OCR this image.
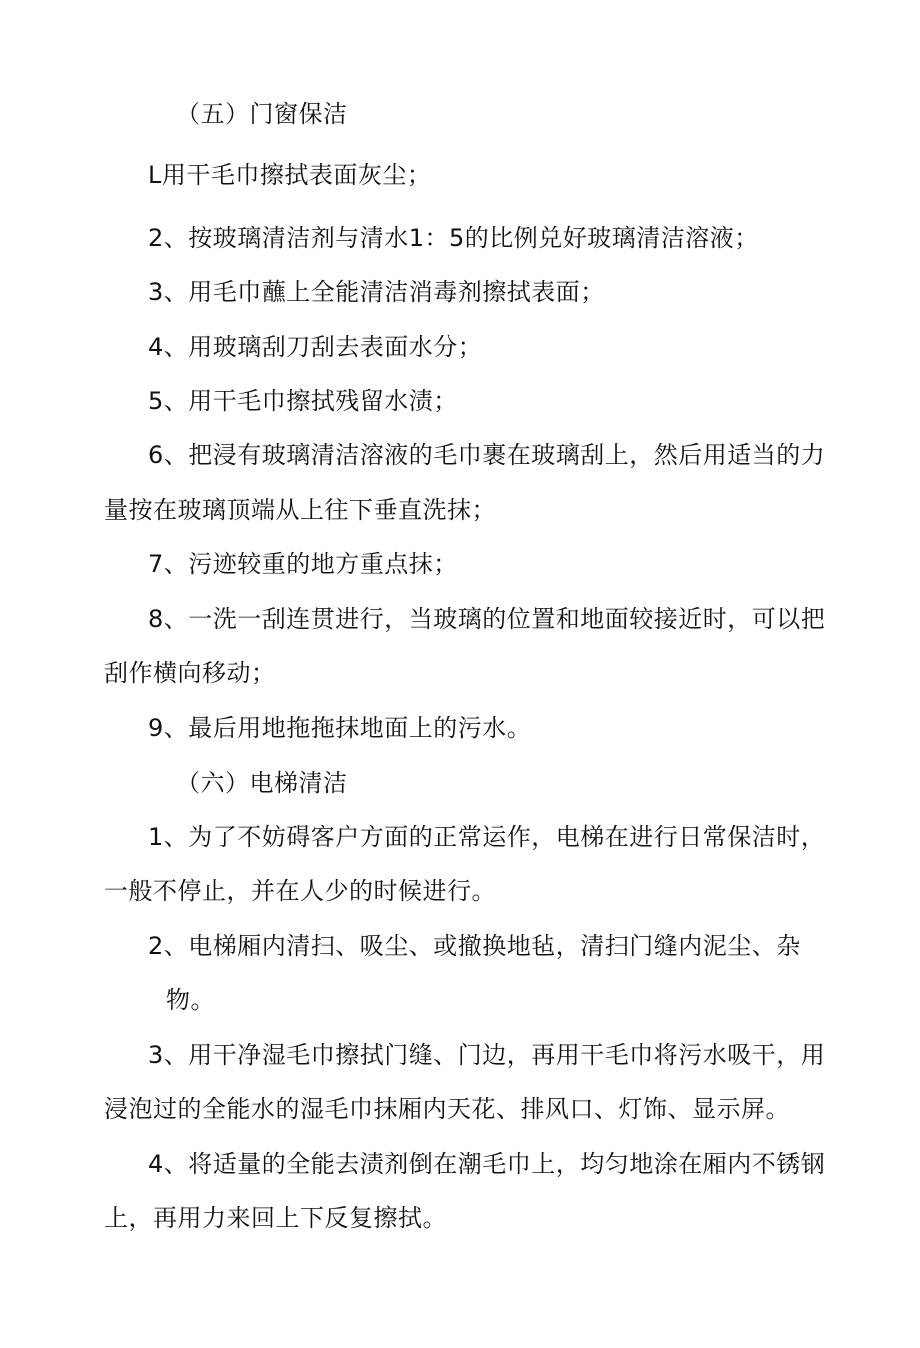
（五）门窗保洁
L用干毛巾擦拭表面灰尘；
2、按玻璃清洁剂与清水1：5的比例兑好玻璃清洁溶液；
3、用毛巾蘸上全能清洁消毒剂擦拭表面；
4、用玻璃刮刀刮去表面水分；
5、用干毛巾擦拭残留水渍；
6、把浸有玻璃清洁溶液的毛巾裹在玻璃刮上，然后用适当的力
量按在玻璃顶端从上往下垂直洗抹；
7、污迹较重的地方重点抹；
8、一洗一刮连贯进行，当玻璃的位置和地面较接近时，可以把
刮作横向移动；
9、最后用地拖拖抹地面上的污水。
（六）电梯清洁
1、为了不妨碍客户方面的正常运作，电梯在进行日常保洁时，
一般不停止，并在人少的时候进行。
2、电梯厢内清扫、吸尘、或撤换地毡，清扫门缝内泥尘、杂
物。
3、用干净湿毛巾擦拭门缝、门边，再用干毛巾将污水吸干，用
浸泡过的全能水的湿毛巾抹厢内天花、排风口、灯饰、显示屏。
4、将适量的全能去渍剂倒在潮毛巾上，均匀地涂在厢内不锈钢
上，再用力来回上下反复擦拭。
